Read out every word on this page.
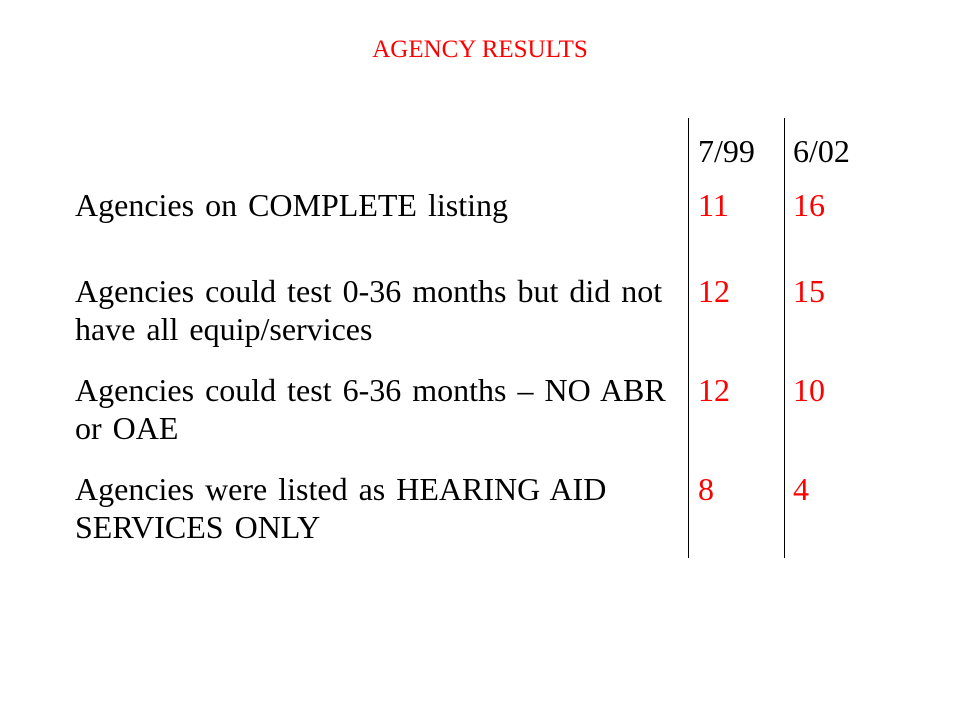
AGENCY RESULTS
7/99 6/02
Agencies on COMPLETE listing	11 16
Agencies could test 0-36 months but did not have all equip/services
12 15
Agencies could test 6-36 months – NO ABR or OAE
12 10
Agencies were listed as HEARING AID SERVICES ONLY
8 4
